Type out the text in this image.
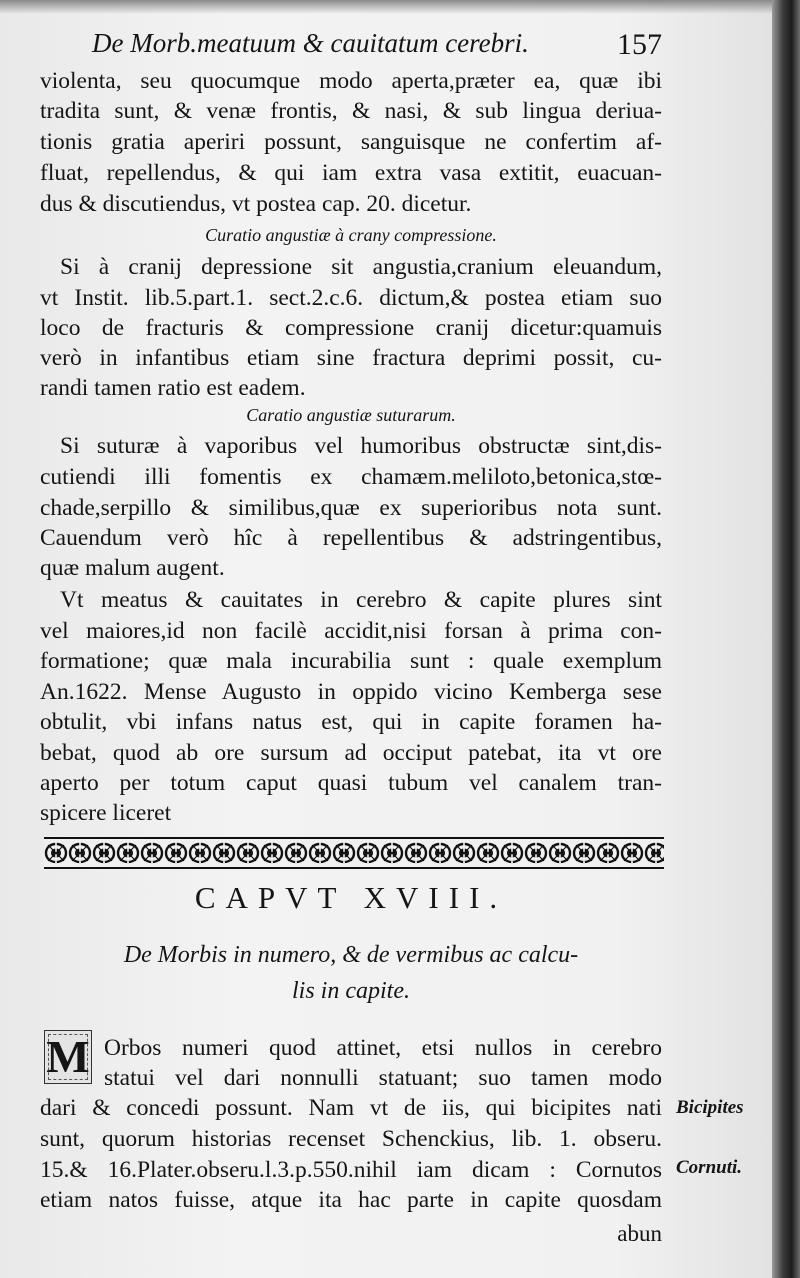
De Morb.meatuum & cauitatum cerebri.	157
violenta, seu quocumque modo aperta,præter ea, quæ ibi
tradita sunt, & venæ frontis, & nasi, & sub lingua deriua-
tionis gratia aperiri possunt, sanguisque ne confertim af-
fluat, repellendus, & qui iam extra vasa extitit, euacuan-
dus & discutiendus, vt postea cap. 20. dicetur.
Curatio angustiæ à crany compressione.
Si à cranij depressione sit angustia,cranium eleuandum,
vt Instit. lib.5.part.1. sect.2.c.6. dictum,& postea etiam suo
loco de fracturis & compressione cranij dicetur:quamuis
verò in infantibus etiam sine fractura deprimi possit, cu-
randi tamen ratio est eadem.
Caratio angustiæ suturarum.
Si suturæ à vaporibus vel humoribus obstructæ sint,dis-
cutiendi illi fomentis ex chamæm.meliloto,betonica,stœ-
chade,serpillo & similibus,quæ ex superioribus nota sunt.
Cauendum verò hîc à repellentibus & adstringentibus,
quæ malum augent.
Vt meatus & cauitates in cerebro & capite plures sint
vel maiores,id non facilè accidit,nisi forsan à prima con-
formatione; quæ mala incurabilia sunt : quale exemplum
An.1622. Mense Augusto in oppido vicino Kemberga sese
obtulit, vbi infans natus est, qui in capite foramen ha-
bebat, quod ab ore sursum ad occiput patebat, ita vt ore
aperto per totum caput quasi tubum vel canalem tran-
spicere liceret
CAPVT XVIII.
De Morbis in numero, & de vermibus ac calcu-
lis in capite.
M Orbos numeri quod attinet, etsi nullos in cerebro
statui vel dari nonnulli statuant; suo tamen modo
dari & concedi possunt. Nam vt de iis, qui bicipites nati
sunt, quorum historias recenset Schenckius, lib. 1. obseru.
15.& 16.Plater.obseru.l.3.p.550.nihil iam dicam : Cornutos
etiam natos fuisse, atque ita hac parte in capite quosdam
abun
Bicipites
Cornuti.
